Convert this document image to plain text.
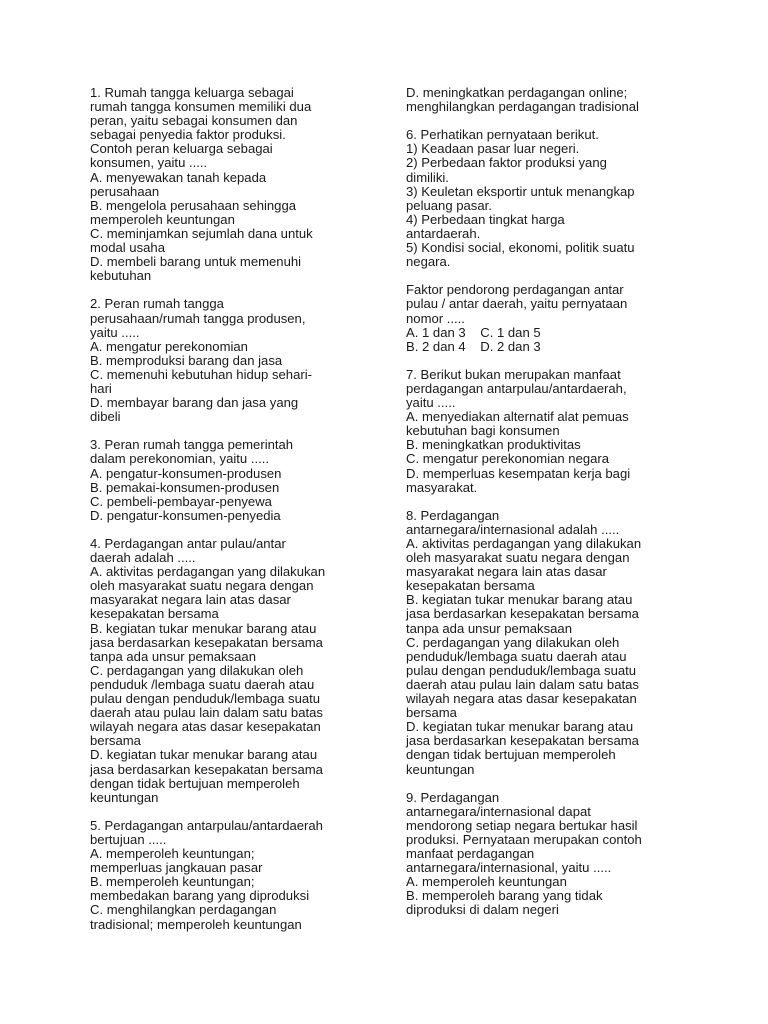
1. Rumah tangga keluarga sebagai
rumah tangga konsumen memiliki dua
peran, yaitu sebagai konsumen dan
sebagai penyedia faktor produksi.
Contoh peran keluarga sebagai
konsumen, yaitu .....
A. menyewakan tanah kepada
perusahaan
B. mengelola perusahaan sehingga
memperoleh keuntungan
C. meminjamkan sejumlah dana untuk
modal usaha
D. membeli barang untuk memenuhi
kebutuhan
2. Peran rumah tangga
perusahaan/rumah tangga produsen,
yaitu .....
A. mengatur perekonomian
B. memproduksi barang dan jasa
C. memenuhi kebutuhan hidup sehari-
hari
D. membayar barang dan jasa yang
dibeli
3. Peran rumah tangga pemerintah
dalam perekonomian, yaitu .....
A. pengatur-konsumen-produsen
B. pemakai-konsumen-produsen
C. pembeli-pembayar-penyewa
D. pengatur-konsumen-penyedia
4. Perdagangan antar pulau/antar
daerah adalah .....
A. aktivitas perdagangan yang dilakukan
oleh masyarakat suatu negara dengan
masyarakat negara lain atas dasar
kesepakatan bersama
B. kegiatan tukar menukar barang atau
jasa berdasarkan kesepakatan bersama
tanpa ada unsur pemaksaan
C. perdagangan yang dilakukan oleh
penduduk /lembaga suatu daerah atau
pulau dengan penduduk/lembaga suatu
daerah atau pulau lain dalam satu batas
wilayah negara atas dasar kesepakatan
bersama
D. kegiatan tukar menukar barang atau
jasa berdasarkan kesepakatan bersama
dengan tidak bertujuan memperoleh
keuntungan
5. Perdagangan antarpulau/antardaerah
bertujuan .....
A. memperoleh keuntungan;
memperluas jangkauan pasar
B. memperoleh keuntungan;
membedakan barang yang diproduksi
C. menghilangkan perdagangan
tradisional; memperoleh keuntungan
D. meningkatkan perdagangan online;
menghilangkan perdagangan tradisional
6. Perhatikan pernyataan berikut.
1) Keadaan pasar luar negeri.
2) Perbedaan faktor produksi yang
dimiliki.
3) Keuletan eksportir untuk menangkap
peluang pasar.
4) Perbedaan tingkat harga
antardaerah.
5) Kondisi social, ekonomi, politik suatu
negara.
Faktor pendorong perdagangan antar
pulau / antar daerah, yaitu pernyataan
nomor .....
A. 1 dan 3    C. 1 dan 5
B. 2 dan 4    D. 2 dan 3
7. Berikut bukan merupakan manfaat
perdagangan antarpulau/antardaerah,
yaitu .....
A. menyediakan alternatif alat pemuas
kebutuhan bagi konsumen
B. meningkatkan produktivitas
C. mengatur perekonomian negara
D. memperluas kesempatan kerja bagi
masyarakat.
8. Perdagangan
antarnegara/internasional adalah .....
A. aktivitas perdagangan yang dilakukan
oleh masyarakat suatu negara dengan
masyarakat negara lain atas dasar
kesepakatan bersama
B. kegiatan tukar menukar barang atau
jasa berdasarkan kesepakatan bersama
tanpa ada unsur pemaksaan
C. perdagangan yang dilakukan oleh
penduduk/lembaga suatu daerah atau
pulau dengan penduduk/lembaga suatu
daerah atau pulau lain dalam satu batas
wilayah negara atas dasar kesepakatan
bersama
D. kegiatan tukar menukar barang atau
jasa berdasarkan kesepakatan bersama
dengan tidak bertujuan memperoleh
keuntungan
9. Perdagangan
antarnegara/internasional dapat
mendorong setiap negara bertukar hasil
produksi. Pernyataan merupakan contoh
manfaat perdagangan
antarnegara/internasional, yaitu .....
A. memperoleh keuntungan
B. memperoleh barang yang tidak
diproduksi di dalam negeri
